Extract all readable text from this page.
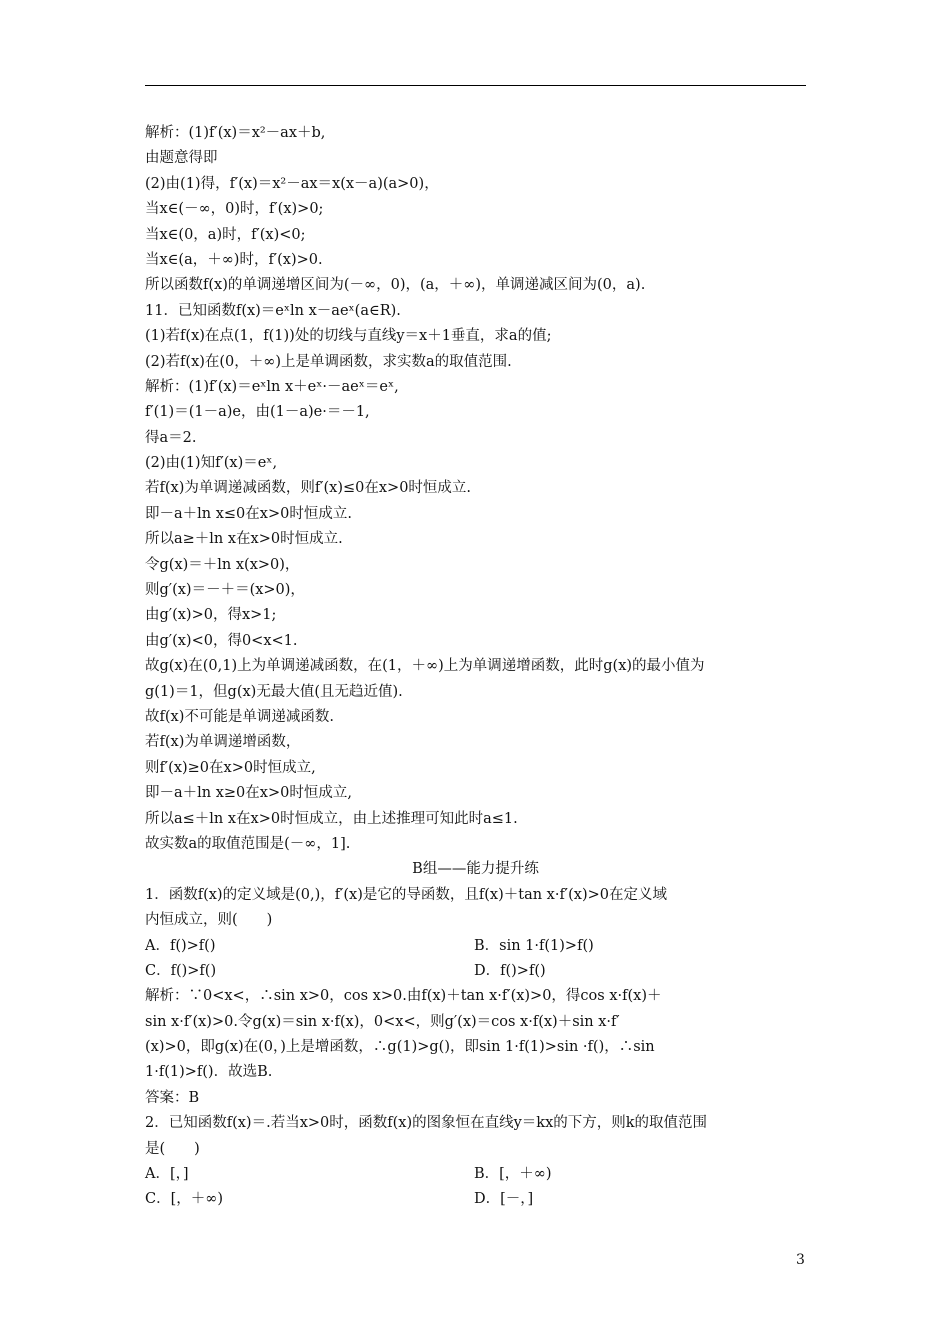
解析：(1)f′(x)＝x²－ax＋b,
由题意得即
(2)由(1)得，f′(x)＝x²－ax＝x(x－a)(a>0)，
当x∈(－∞，0)时，f′(x)>0;
当x∈(0，a)时，f′(x)<0;
当x∈(a，＋∞)时，f′(x)>0.
所以函数f(x)的单调递增区间为(－∞，0)，(a，＋∞)，单调递减区间为(0，a).
11．已知函数f(x)＝eˣln x－aeˣ(a∈R).
(1)若f(x)在点(1，f(1))处的切线与直线y＝x＋1垂直，求a的值;
(2)若f(x)在(0，＋∞)上是单调函数，求实数a的取值范围.
解析：(1)f′(x)＝eˣln x＋eˣ·－aeˣ＝eˣ,
f′(1)＝(1－a)e，由(1－a)e·＝－1,
得a＝2.
(2)由(1)知f′(x)＝eˣ,
若f(x)为单调递减函数，则f′(x)≤0在x>0时恒成立.
即－a＋ln x≤0在x>0时恒成立.
所以a≥＋ln x在x>0时恒成立.
令g(x)＝＋ln x(x>0)，
则g′(x)＝－＋＝(x>0)，
由g′(x)>0，得x>1;
由g′(x)<0，得0<x<1.
故g(x)在(0,1)上为单调递减函数，在(1，＋∞)上为单调递增函数，此时g(x)的最小值为
g(1)＝1，但g(x)无最大值(且无趋近值).
故f(x)不可能是单调递减函数.
若f(x)为单调递增函数，
则f′(x)≥0在x>0时恒成立,
即－a＋ln x≥0在x>0时恒成立,
所以a≤＋ln x在x>0时恒成立，由上述推理可知此时a≤1.
故实数a的取值范围是(－∞，1].
B组——能力提升练
1．函数f(x)的定义域是(0,)，f′(x)是它的导函数，且f(x)＋tan x·f′(x)>0在定义域
内恒成立，则(　　)
A．f()>f()	B．sin 1·f(1)>f()
C．f()>f()	D．f()>f()
解析：∵0<x<，∴sin x>0，cos x>0.由f(x)＋tan x·f′(x)>0，得cos x·f(x)＋
sin x·f′(x)>0.令g(x)＝sin x·f(x)，0<x<，则g′(x)＝cos x·f(x)＋sin x·f′
(x)>0，即g(x)在(0，)上是增函数，∴g(1)>g()，即sin 1·f(1)>sin ·f()，∴sin
1·f(1)>f()．故选B.
答案：B
2．已知函数f(x)＝.若当x>0时，函数f(x)的图象恒在直线y＝kx的下方，则k的取值范围
是(　　)
A．[，]	B．[，＋∞)
C．[，＋∞)	D．[－，]
3
